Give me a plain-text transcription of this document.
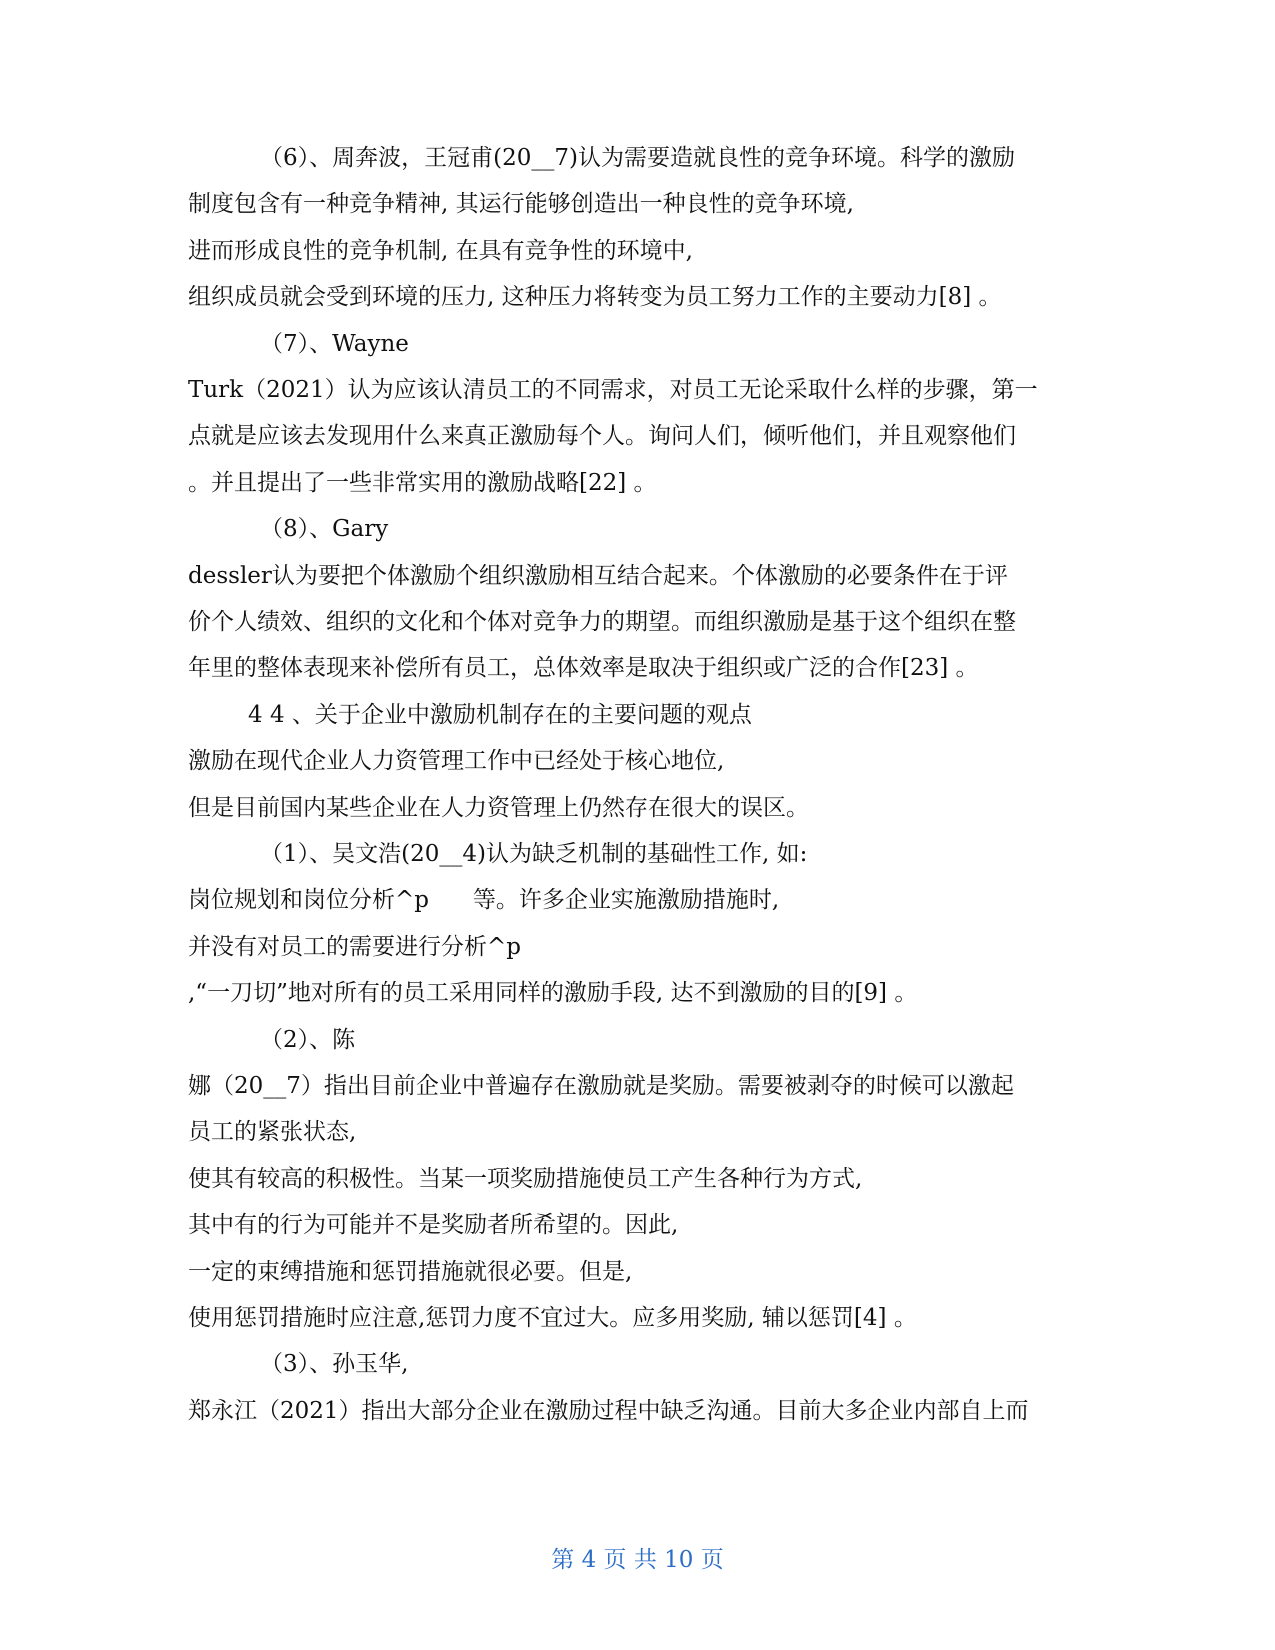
（6）、周奔波，王冠甫(20__7)认为需要造就良性的竞争环境。科学的激励
制度包含有一种竞争精神, 其运行能够创造出一种良性的竞争环境,
进而形成良性的竞争机制, 在具有竞争性的环境中,
组织成员就会受到环境的压力, 这种压力将转变为员工努力工作的主要动力[8] 。
（7）、Wayne
Turk（2021）认为应该认清员工的不同需求，对员工无论采取什么样的步骤，第一
点就是应该去发现用什么来真正激励每个人。询问人们，倾听他们，并且观察他们
。并且提出了一些非常实用的激励战略[22] 。
（8）、Gary
dessler认为要把个体激励个组织激励相互结合起来。个体激励的必要条件在于评
价个人绩效、组织的文化和个体对竞争力的期望。而组织激励是基于这个组织在整
年里的整体表现来补偿所有员工，总体效率是取决于组织或广泛的合作[23] 。
4 4 、关于企业中激励机制存在的主要问题的观点
激励在现代企业人力资管理工作中已经处于核心地位,
但是目前国内某些企业在人力资管理上仍然存在很大的误区。
（1）、吴文浩(20__4)认为缺乏机制的基础性工作, 如:
岗位规划和岗位分析^p      等。许多企业实施激励措施时,
并没有对员工的需要进行分析^p
,“一刀切”地对所有的员工采用同样的激励手段, 达不到激励的目的[9] 。
（2）、陈
娜（20__7）指出目前企业中普遍存在激励就是奖励。需要被剥夺的时候可以激起
员工的紧张状态,
使其有较高的积极性。当某一项奖励措施使员工产生各种行为方式,
其中有的行为可能并不是奖励者所希望的。因此,
一定的束缚措施和惩罚措施就很必要。但是,
使用惩罚措施时应注意,惩罚力度不宜过大。应多用奖励, 辅以惩罚[4] 。
（3）、孙玉华,
郑永江（2021）指出大部分企业在激励过程中缺乏沟通。目前大多企业内部自上而
第 4 页 共 10 页
